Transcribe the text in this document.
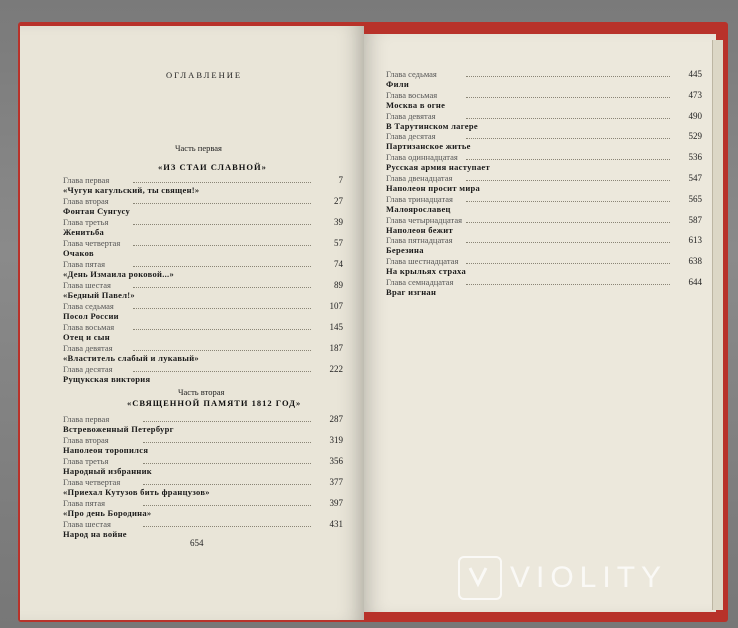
ОГЛАВЛЕНИЕ
Часть первая
«ИЗ СТАИ СЛАВНОЙ»
Глава первая
«Чугун кагульский, ты священ!»
7
Глава вторая
Фонтан Сунгусу
27
Глава третья
Женитьба
39
Глава четвертая
Очаков
57
Глава пятая
«День Измаила роковой...»
74
Глава шестая
«Бедный Павел!»
89
Глава седьмая
Посол России
107
Глава восьмая
Отец и сын
145
Глава девятая
«Властитель слабый и лукавый»
187
Глава десятая
Рущукская виктория
222
Часть вторая
«СВЯЩЕННОЙ ПАМЯТИ 1812 ГОД»
Глава первая
Встревоженный Петербург
287
Глава вторая
Наполеон торопился
319
Глава третья
Народный избранник
356
Глава четвертая
«Приехал Кутузов бить французов»
377
Глава пятая
«Про день Бородина»
397
Глава шестая
Народ на войне
431
654
Глава седьмая
Фили
445
Глава восьмая
Москва в огне
473
Глава девятая
В Тарутинском лагере
490
Глава десятая
Партизанское житье
529
Глава одиннадцатая
Русская армия наступает
536
Глава двенадцатая
Наполеон просит мира
547
Глава тринадцатая
Малоярославец
565
Глава четырнадцатая
Наполеон бежит
587
Глава пятнадцатая
Березина
613
Глава шестнадцатая
На крыльях страха
638
Глава семнадцатая
Враг изгнан
644
VIOLITY
